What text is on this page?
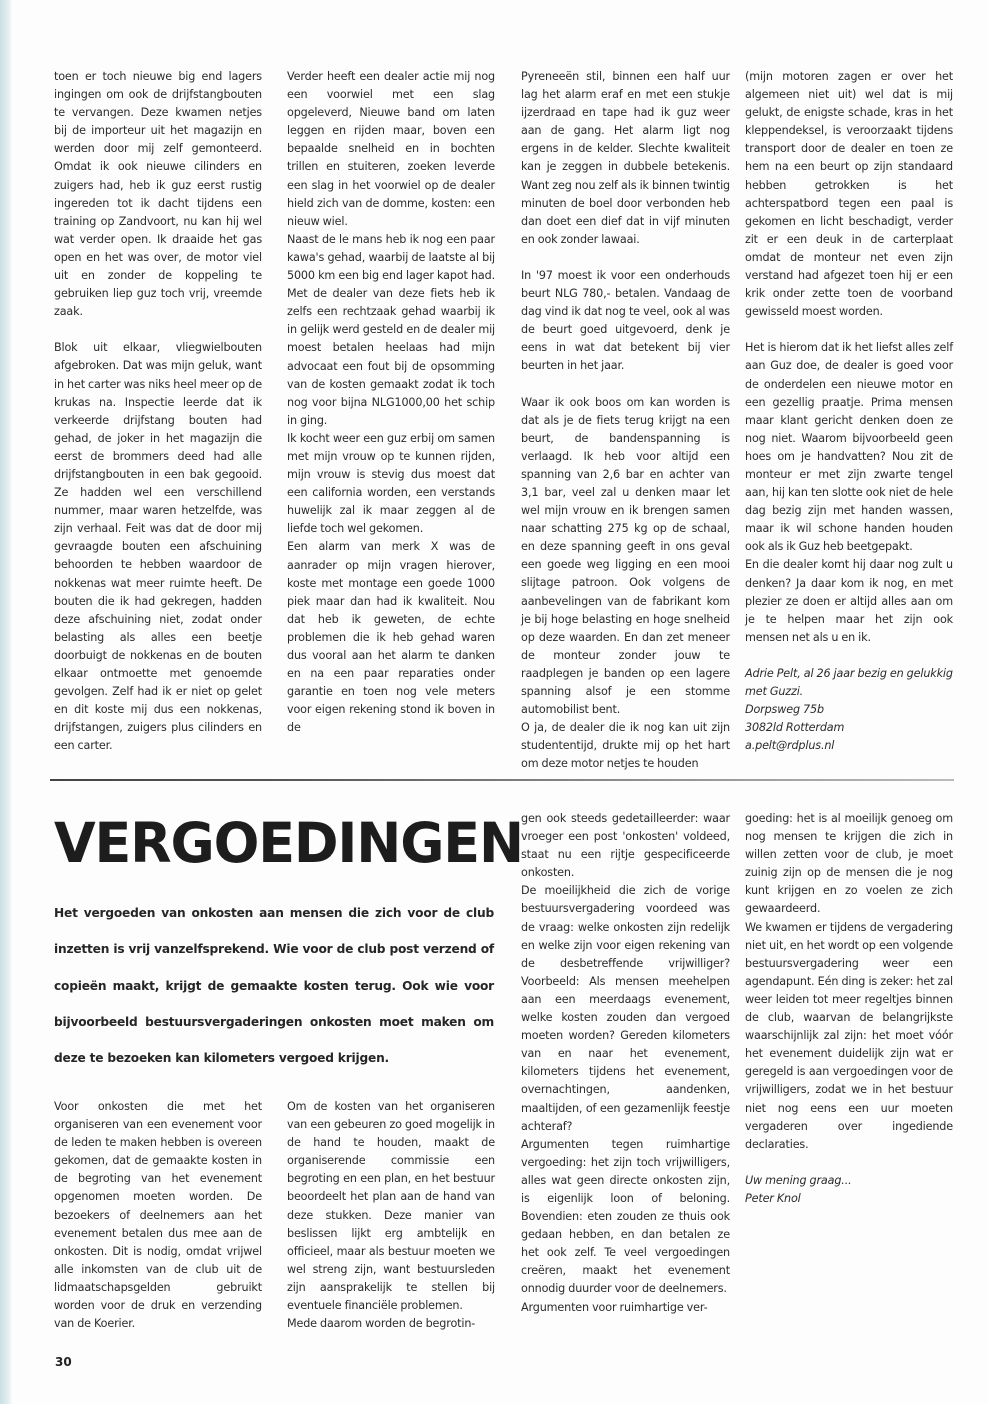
toen er toch nieuwe big end lagers ingingen om ook de drijfstangbouten te vervangen. Deze kwamen netjes bij de importeur uit het magazijn en werden door mij zelf gemonteerd. Omdat ik ook nieuwe cilinders en zuigers had, heb ik guz eerst rustig ingereden tot ik dacht tijdens een training op Zandvoort, nu kan hij wel wat verder open. Ik draaide het gas open en het was over, de motor viel uit en zonder de koppeling te gebruiken liep guz toch vrij, vreemde zaak.

Blok uit elkaar, vliegwielbouten afgebroken. Dat was mijn geluk, want in het carter was niks heel meer op de krukas na. Inspectie leerde dat ik verkeerde drijfstang bouten had gehad, de joker in het magazijn die eerst de brommers deed had alle drijfstangbouten in een bak gegooid. Ze hadden wel een verschillend nummer, maar waren hetzelfde, was zijn verhaal. Feit was dat de door mij gevraagde bouten een afschuining behoorden te hebben waardoor de nokkenas wat meer ruimte heeft. De bouten die ik had gekregen, hadden deze afschuining niet, zodat onder belasting als alles een beetje doorbuigt de nokkenas en de bouten elkaar ontmoette met genoemde gevolgen. Zelf had ik er niet op gelet en dit koste mij dus een nokkenas, drijfstangen, zuigers plus cilinders en een carter.

Verder heeft een dealer actie mij nog een voorwiel met een slag opgeleverd, Nieuwe band om laten leggen en rijden maar, boven een bepaalde snelheid en in bochten trillen en stuiteren, zoeken leverde een slag in het voorwiel op de dealer hield zich van de domme, kosten: een nieuw wiel.

Naast de le mans heb ik nog een paar kawa's gehad, waarbij de laatste al bij 5000 km een big end lager kapot had. Met de dealer van deze fiets heb ik zelfs een rechtzaak gehad waarbij ik in gelijk werd gesteld en de dealer mij moest betalen heelaas had mijn advocaat een fout bij de opsomming van de kosten gemaakt zodat ik toch nog voor bijna NLG1000,00 het schip in ging.

Ik kocht weer een guz erbij om samen met mijn vrouw op te kunnen rijden, mijn vrouw is stevig dus moest dat een california worden, een verstands huwelijk zal ik maar zeggen al de liefde toch wel gekomen.

Een alarm van merk X was de aanrader op mijn vragen hierover, koste met montage een goede 1000 piek maar dan had ik kwaliteit. Nou dat heb ik geweten, de echte problemen die ik heb gehad waren dus vooral aan het alarm te danken en na een paar reparaties onder garantie en toen nog vele meters voor eigen rekening stond ik boven in de

Pyreneeën stil, binnen een half uur lag het alarm eraf en met een stukje ijzerdraad en tape had ik guz weer aan de gang. Het alarm ligt nog ergens in de kelder. Slechte kwaliteit kan je zeggen in dubbele betekenis. Want zeg nou zelf als ik binnen twintig minuten de boel door verbonden heb dan doet een dief dat in vijf minuten en ook zonder lawaai.

In '97 moest ik voor een onderhouds beurt NLG 780,- betalen. Vandaag de dag vind ik dat nog te veel, ook al was de beurt goed uitgevoerd, denk je eens in wat dat betekent bij vier beurten in het jaar.

Waar ik ook boos om kan worden is dat als je de fiets terug krijgt na een beurt, de bandenspanning is verlaagd. Ik heb voor altijd een spanning van 2,6 bar en achter van 3,1 bar, veel zal u denken maar let wel mijn vrouw en ik brengen samen naar schatting 275 kg op de schaal, en deze spanning geeft in ons geval een goede weg ligging en een mooi slijtage patroon. Ook volgens de aanbevelingen van de fabrikant kom je bij hoge belasting en hoge snelheid op deze waarden. En dan zet meneer de monteur zonder jouw te raadplegen je banden op een lagere spanning alsof je een stomme automobilist bent.

O ja, de dealer die ik nog kan uit zijn studententijd, drukte mij op het hart om deze motor netjes te houden

(mijn motoren zagen er over het algemeen niet uit) wel dat is mij gelukt, de enigste schade, kras in het kleppendeksel, is veroorzaakt tijdens transport door de dealer en toen ze hem na een beurt op zijn standaard hebben getrokken is het achterspatbord tegen een paal is gekomen en licht beschadigt, verder zit er een deuk in de carterplaat omdat de monteur net even zijn verstand had afgezet toen hij er een krik onder zette toen de voorband gewisseld moest worden.

Het is hierom dat ik het liefst alles zelf aan Guz doe, de dealer is goed voor de onderdelen een nieuwe motor en een gezellig praatje. Prima mensen maar klant gericht denken doen ze nog niet. Waarom bijvoorbeeld geen hoes om je handvatten? Nou zit de monteur er met zijn zwarte tengel aan, hij kan ten slotte ook niet de hele dag bezig zijn met handen wassen, maar ik wil schone handen houden ook als ik Guz heb beetgepakt.

En die dealer komt hij daar nog zult u denken? Ja daar kom ik nog, en met plezier ze doen er altijd alles aan om je te helpen maar het zijn ook mensen net als u en ik.

Adrie Pelt, al 26 jaar bezig en gelukkig met Guzzi.

Dorpsweg 75b

3082ld Rotterdam

a.pelt@rdplus.nl

VERGOEDINGEN
Het vergoeden van onkosten aan mensen die zich voor de club inzetten is vrij vanzelfsprekend. Wie voor de club post verzend of copieën maakt, krijgt de gemaakte kosten terug. Ook wie voor bijvoorbeeld bestuursvergaderingen onkosten moet maken om deze te bezoeken kan kilometers vergoed krijgen.

Voor onkosten die met het organiseren van een evenement voor de leden te maken hebben is overeen gekomen, dat de gemaakte kosten in de begroting van het evenement opgenomen moeten worden. De bezoekers of deelnemers aan het evenement betalen dus mee aan de onkosten. Dit is nodig, omdat vrijwel alle inkomsten van de club uit de lidmaatschapsgelden gebruikt worden voor de druk en verzending van de Koerier.

Om de kosten van het organiseren van een gebeuren zo goed mogelijk in de hand te houden, maakt de organiserende commissie een begroting en een plan, en het bestuur beoordeelt het plan aan de hand van deze stukken. Deze manier van beslissen lijkt erg ambtelijk en officieel, maar als bestuur moeten we wel streng zijn, want bestuursleden zijn aansprakelijk te stellen bij eventuele financiële problemen.

Mede daarom worden de begrotin-

gen ook steeds gedetailleerder: waar vroeger een post 'onkosten' voldeed, staat nu een rijtje gespecificeerde onkosten.

De moeilijkheid die zich de vorige bestuursvergadering voordeed was de vraag: welke onkosten zijn redelijk en welke zijn voor eigen rekening van de desbetreffende vrijwilliger? Voorbeeld: Als mensen meehelpen aan een meerdaags evenement, welke kosten zouden dan vergoed moeten worden? Gereden kilometers van en naar het evenement, kilometers tijdens het evenement, overnachtingen, aandenken, maaltijden, of een gezamenlijk feestje achteraf?

Argumenten tegen ruimhartige vergoeding: het zijn toch vrijwilligers, alles wat geen directe onkosten zijn, is eigenlijk loon of beloning. Bovendien: eten zouden ze thuis ook gedaan hebben, en dan betalen ze het ook zelf. Te veel vergoedingen creëren, maakt het evenement onnodig duurder voor de deelnemers.

Argumenten voor ruimhartige ver-

goeding: het is al moeilijk genoeg om nog mensen te krijgen die zich in willen zetten voor de club, je moet zuinig zijn op de mensen die je nog kunt krijgen en zo voelen ze zich gewaardeerd.

We kwamen er tijdens de vergadering niet uit, en het wordt op een volgende bestuursvergadering weer een agendapunt. Eén ding is zeker: het zal weer leiden tot meer regeltjes binnen de club, waarvan de belangrijkste waarschijnlijk zal zijn: het moet vóór het evenement duidelijk zijn wat er geregeld is aan vergoedingen voor de vrijwilligers, zodat we in het bestuur niet nog eens een uur moeten vergaderen over ingediende declaraties.

Uw mening graag...

Peter Knol

30
